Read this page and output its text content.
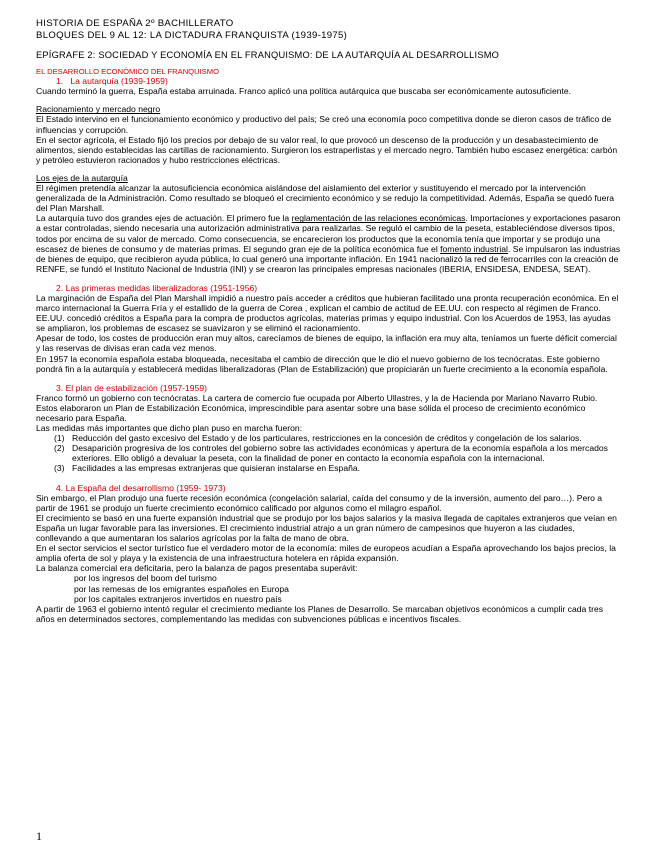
HISTORIA DE ESPAÑA 2º BACHILLERATO

BLOQUES DEL 9 AL 12: LA DICTADURA FRANQUISTA (1939-1975)

EPÍGRAFE 2: SOCIEDAD Y ECONOMÍA EN EL FRANQUISMO: DE LA AUTARQUÍA AL DESARROLLISMO

EL DESARROLLO ECONÓMICO DEL FRANQUISMO

1. La autarquía (1939-1959)

Cuando terminó la guerra, España estaba arruinada. Franco aplicó una política autárquica que buscaba ser económicamente autosuficiente.

Racionamiento y mercado negro

El Estado intervino en el funcionamiento económico y productivo del país; Se creó una economía poco competitiva donde se dieron casos de tráfico de influencias y corrupción.

En el sector agrícola, el Estado fijó los precios por debajo de su valor real, lo que provocó un descenso de la producción y un desabastecimiento de alimentos, siendo establecidas las cartillas de racionamiento. Surgieron los estraperlistas y el mercado negro. También hubo escasez energética: carbón y petróleo estuvieron racionados y hubo restricciones eléctricas.

Los ejes de la autarquía

El régimen pretendía alcanzar la autosuficiencia económica aislándose del aislamiento del exterior y sustituyendo el mercado por la intervención generalizada de la Administración. Como resultado se bloqueó el crecimiento económico y se redujo la competitividad. Además, España se quedó fuera del Plan Marshall.

La autarquía tuvo dos grandes ejes de actuación. El primero fue la reglamentación de las relaciones económicas. Importaciones y exportaciones pasaron a estar controladas, siendo necesaria una autorización administrativa para realizarlas. Se reguló el cambio de la peseta, estableciéndose diversos tipos, todos por encima de su valor de mercado. Como consecuencia, se encarecieron los productos que la economía tenía que importar y se produjo una escasez de bienes de consumo y de materias primas. El segundo gran eje de la política económica fue el fomento industrial. Se impulsaron las industrias de bienes de equipo, que recibieron ayuda pública, lo cual generó una importante inflación. En 1941 nacionalizó la red de ferrocarriles con la creación de RENFE, se fundó el Instituto Nacional de Industria (INI) y se crearon las principales empresas nacionales (IBERIA, ENSIDESA, ENDESA, SEAT).

2. Las primeras medidas liberalizadoras (1951-1956)

La marginación de España del Plan Marshall impidió a nuestro país acceder a créditos que hubieran facilitado una pronta recuperación económica. En el marco internacional la Guerra Fría y el estallido de la guerra de Corea , explican el cambio de actitud de EE.UU. con respecto al régimen de Franco.

EE.UU. concedió créditos a España para la compra de productos agrícolas, materias primas y equipo industrial. Con los Acuerdos de 1953, las ayudas se ampliaron, los problemas de escasez se suavizaron y se eliminó el racionamiento.

Apesar de todo, los costes de producción eran muy altos, carecíamos de bienes de equipo, la inflación era muy alta, teníamos un fuerte déficit comercial y las reservas de divisas eran cada vez menos.

En 1957 la economía española estaba bloqueada, necesitaba el cambio de dirección que le dio el nuevo gobierno de los tecnócratas. Este gobierno pondrá fin a la autarquía y establecerá medidas liberalizadoras (Plan de Estabilización) que propiciarán un fuerte crecimiento a la economía española.

3. El plan de estabilización (1957-1959)

Franco formó un gobierno con tecnócratas. La cartera de comercio fue ocupada por Alberto Ullastres, y la de Hacienda por Mariano Navarro Rubio.

Estos elaboraron un Plan de Estabilización Económica, imprescindible para asentar sobre una base sólida el proceso de crecimiento económico necesario para España.

Las medidas más importantes que dicho plan puso en marcha fueron:

(1) Reducción del gasto excesivo del Estado y de los particulares, restricciones en la concesión de créditos y congelación de los salarios.
(2) Desaparición progresiva de los controles del gobierno sobre las actividades económicas y apertura de la economía española a los mercados exteriores. Ello obligó a devaluar la peseta, con la finalidad de poner en contacto la economía española con la internacional.
(3) Facilidades a las empresas extranjeras que quisieran instalarse en España.

4. La España del desarrollismo (1959- 1973)

Sin embargo, el Plan produjo una fuerte recesión económica (congelación salarial, caída del consumo y de la inversión, aumento del paro…). Pero a partir de 1961 se produjo un fuerte crecimiento económico calificado por algunos como el milagro español.

El crecimiento se basó en una fuerte expansión industrial que se produjo por los bajos salarios y la masiva llegada de capitales extranjeros que veían en España un lugar favorable para las inversiones. El crecimiento industrial atrajo a un gran número de campesinos que huyeron a las ciudades, conllevando a que aumentaran los salarios agrícolas por la falta de mano de obra.

En el sector servicios el sector turístico fue el verdadero motor de la economía: miles de europeos acudían a España aprovechando los bajos precios, la amplia oferta de sol y playa y la existencia de una infraestructura hotelera en rápida expansión.

La balanza comercial era deficitaria, pero la balanza de pagos presentaba superávit:

por los ingresos del boom del turismo

por las remesas de los emigrantes españoles en Europa

por los capitales extranjeros invertidos en nuestro país

A partir de 1963 el gobierno intentó regular el crecimiento mediante los Planes de Desarrollo. Se marcaban objetivos económicos a cumplir cada tres años en determinados sectores, complementando las medidas con subvenciones públicas e incentivos fiscales.

1
